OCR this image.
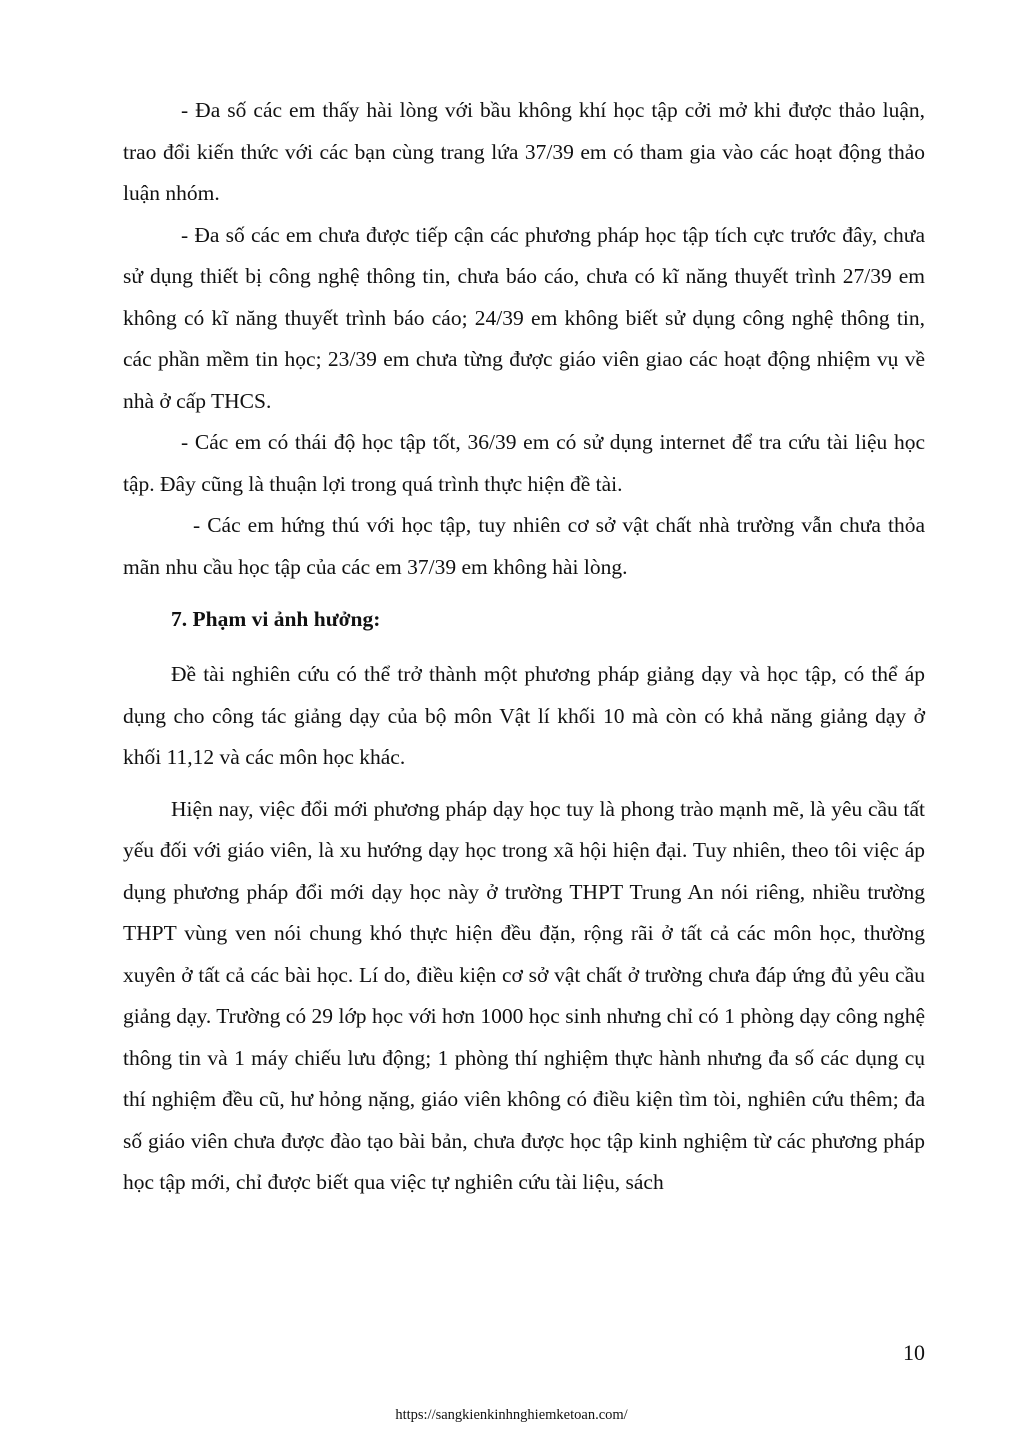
- Đa số các em thấy hài lòng với bầu không khí học tập cởi mở khi được thảo luận, trao đổi kiến thức với các bạn cùng trang lứa 37/39 em có tham gia vào các hoạt động thảo luận nhóm.

- Đa số các em chưa được tiếp cận các phương pháp học tập tích cực trước đây, chưa sử dụng thiết bị công nghệ thông tin, chưa báo cáo, chưa có kĩ năng thuyết trình 27/39 em không có kĩ năng thuyết trình báo cáo; 24/39 em không biết sử dụng công nghệ thông tin, các phần mềm tin học; 23/39 em chưa từng được giáo viên giao các hoạt động nhiệm vụ về nhà ở cấp THCS.

- Các em có thái độ học tập tốt, 36/39 em có sử dụng internet để tra cứu tài liệu học tập. Đây cũng là thuận lợi trong quá trình thực hiện đề tài.

- Các em hứng thú với học tập, tuy nhiên cơ sở vật chất nhà trường vẫn chưa thỏa mãn nhu cầu học tập của các em 37/39 em không hài lòng.

7. Phạm vi ảnh hưởng:

Đề tài nghiên cứu có thể trở thành một phương pháp giảng dạy và học tập, có thể áp dụng cho công tác giảng dạy của bộ môn Vật lí khối 10 mà còn có khả năng giảng dạy ở khối 11,12 và các môn học khác.

Hiện nay, việc đổi mới phương pháp dạy học tuy là phong trào mạnh mẽ, là yêu cầu tất yếu đối với giáo viên, là xu hướng dạy học trong xã hội hiện đại. Tuy nhiên, theo tôi việc áp dụng phương pháp đổi mới dạy học này ở trường THPT Trung An nói riêng, nhiều trường THPT vùng ven nói chung khó thực hiện đều đặn, rộng rãi ở tất cả các môn học, thường xuyên ở tất cả các bài học. Lí do, điều kiện cơ sở vật chất ở trường chưa đáp ứng đủ yêu cầu giảng dạy. Trường có 29 lớp học với hơn 1000 học sinh nhưng chỉ có 1 phòng dạy công nghệ thông tin và 1 máy chiếu lưu động; 1 phòng thí nghiệm thực hành nhưng đa số các dụng cụ thí nghiệm đều cũ, hư hỏng nặng, giáo viên không có điều kiện tìm tòi, nghiên cứu thêm; đa số giáo viên chưa được đào tạo bài bản, chưa được học tập kinh nghiệm từ các phương pháp học tập mới, chỉ được biết qua việc tự nghiên cứu tài liệu, sách

10
https://sangkienkinhnghiemketoan.com/
